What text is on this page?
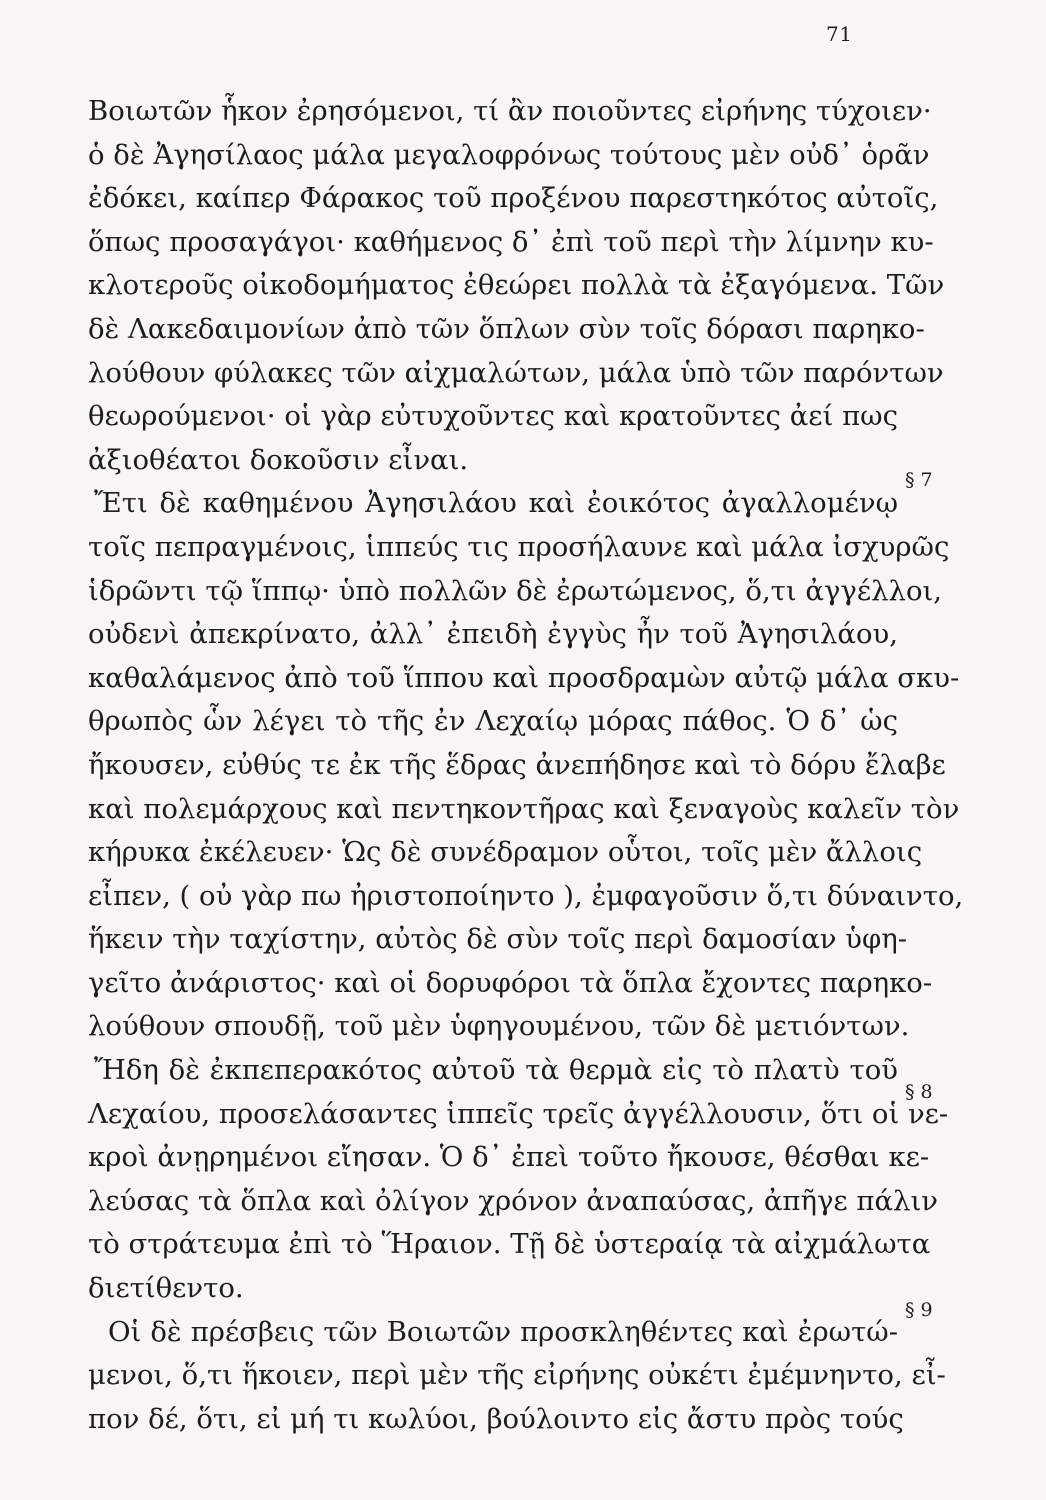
71
Βοιωτῶν ἧκον ἐρησόμενοι, τί ἂν ποιοῦντες εἰρήνης τύχοιεν·
ὁ δὲ Ἀγησίλαος μάλα μεγαλοφρόνως τούτους μὲν οὐδ᾽ ὁρᾶν
ἐδόκει, καίπερ Φάρακος τοῦ προξένου παρεστηκότος αὐτοῖς,
ὅπως προσαγάγοι· καθήμενος δ᾽ ἐπὶ τοῦ περὶ τὴν λίμνην κυ-
κλοτεροῦς οἰκοδομήματος ἐθεώρει πολλὰ τὰ ἐξαγόμενα. Τῶν
δὲ Λακεδαιμονίων ἀπὸ τῶν ὅπλων σὺν τοῖς δόρασι παρηκο-
λούθουν φύλακες τῶν αἰχμαλώτων, μάλα ὑπὸ τῶν παρόντων
θεωρούμενοι· οἱ γὰρ εὐτυχοῦντες καὶ κρατοῦντες ἀεί πως
ἀξιοθέατοι δοκοῦσιν εἶναι.
Ἔτι δὲ καθημένου Ἀγησιλάου καὶ ἐοικότος ἀγαλλομένῳ
τοῖς πεπραγμένοις, ἱππεύς τις προσήλαυνε καὶ μάλα ἰσχυρῶς
ἱδρῶντι τῷ ἵππῳ· ὑπὸ πολλῶν δὲ ἐρωτώμενος, ὅ,τι ἀγγέλλοι,
οὐδενὶ ἀπεκρίνατο, ἀλλ᾽ ἐπειδὴ ἐγγὺς ἦν τοῦ Ἀγησιλάου,
καθαλάμενος ἀπὸ τοῦ ἵππου καὶ προσδραμὼν αὐτῷ μάλα σκυ-
θρωπὸς ὧν λέγει τὸ τῆς ἐν Λεχαίῳ μόρας πάθος. Ὁ δ᾽ ὡς
ἤκουσεν, εὐθύς τε ἐκ τῆς ἕδρας ἀνεπήδησε καὶ τὸ δόρυ ἔλαβε
καὶ πολεμάρχους καὶ πεντηκοντῆρας καὶ ξεναγοὺς καλεῖν τὸν
κήρυκα ἐκέλευεν· Ὡς δὲ συνέδραμον οὗτοι, τοῖς μὲν ἄλλοις
εἶπεν, ( οὐ γὰρ πω ἠριστοποίηντο ), ἐμφαγοῦσιν ὅ,τι δύναιντο,
ἥκειν τὴν ταχίστην, αὐτὸς δὲ σὺν τοῖς περὶ δαμοσίαν ὑφη-
γεῖτο ἀνάριστος· καὶ οἱ δορυφόροι τὰ ὅπλα ἔχοντες παρηκο-
λούθουν σπουδῇ, τοῦ μὲν ὑφηγουμένου, τῶν δὲ μετιόντων.
Ἤδη δὲ ἐκπεπερακότος αὐτοῦ τὰ θερμὰ εἰς τὸ πλατὺ τοῦ
Λεχαίου, προσελάσαντες ἱππεῖς τρεῖς ἀγγέλλουσιν, ὅτι οἱ νε-
κροὶ ἀνῃρημένοι εἴησαν. Ὁ δ᾽ ἐπεὶ τοῦτο ἤκουσε, θέσθαι κε-
λεύσας τὰ ὅπλα καὶ ὀλίγον χρόνον ἀναπαύσας, ἀπῆγε πάλιν
τὸ στράτευμα ἐπὶ τὸ Ἥραιον. Τῇ δὲ ὑστεραίᾳ τὰ αἰχμάλωτα
διετίθεντο.
Οἱ δὲ πρέσβεις τῶν Βοιωτῶν προσκληθέντες καὶ ἐρωτώ-
μενοι, ὅ,τι ἥκοιεν, περὶ μὲν τῆς εἰρήνης οὐκέτι ἐμέμνηντο, εἶ-
πον δέ, ὅτι, εἰ μή τι κωλύοι, βούλοιντο εἰς ἄστυ πρὸς τούς
§ 7
§ 8
§ 9
